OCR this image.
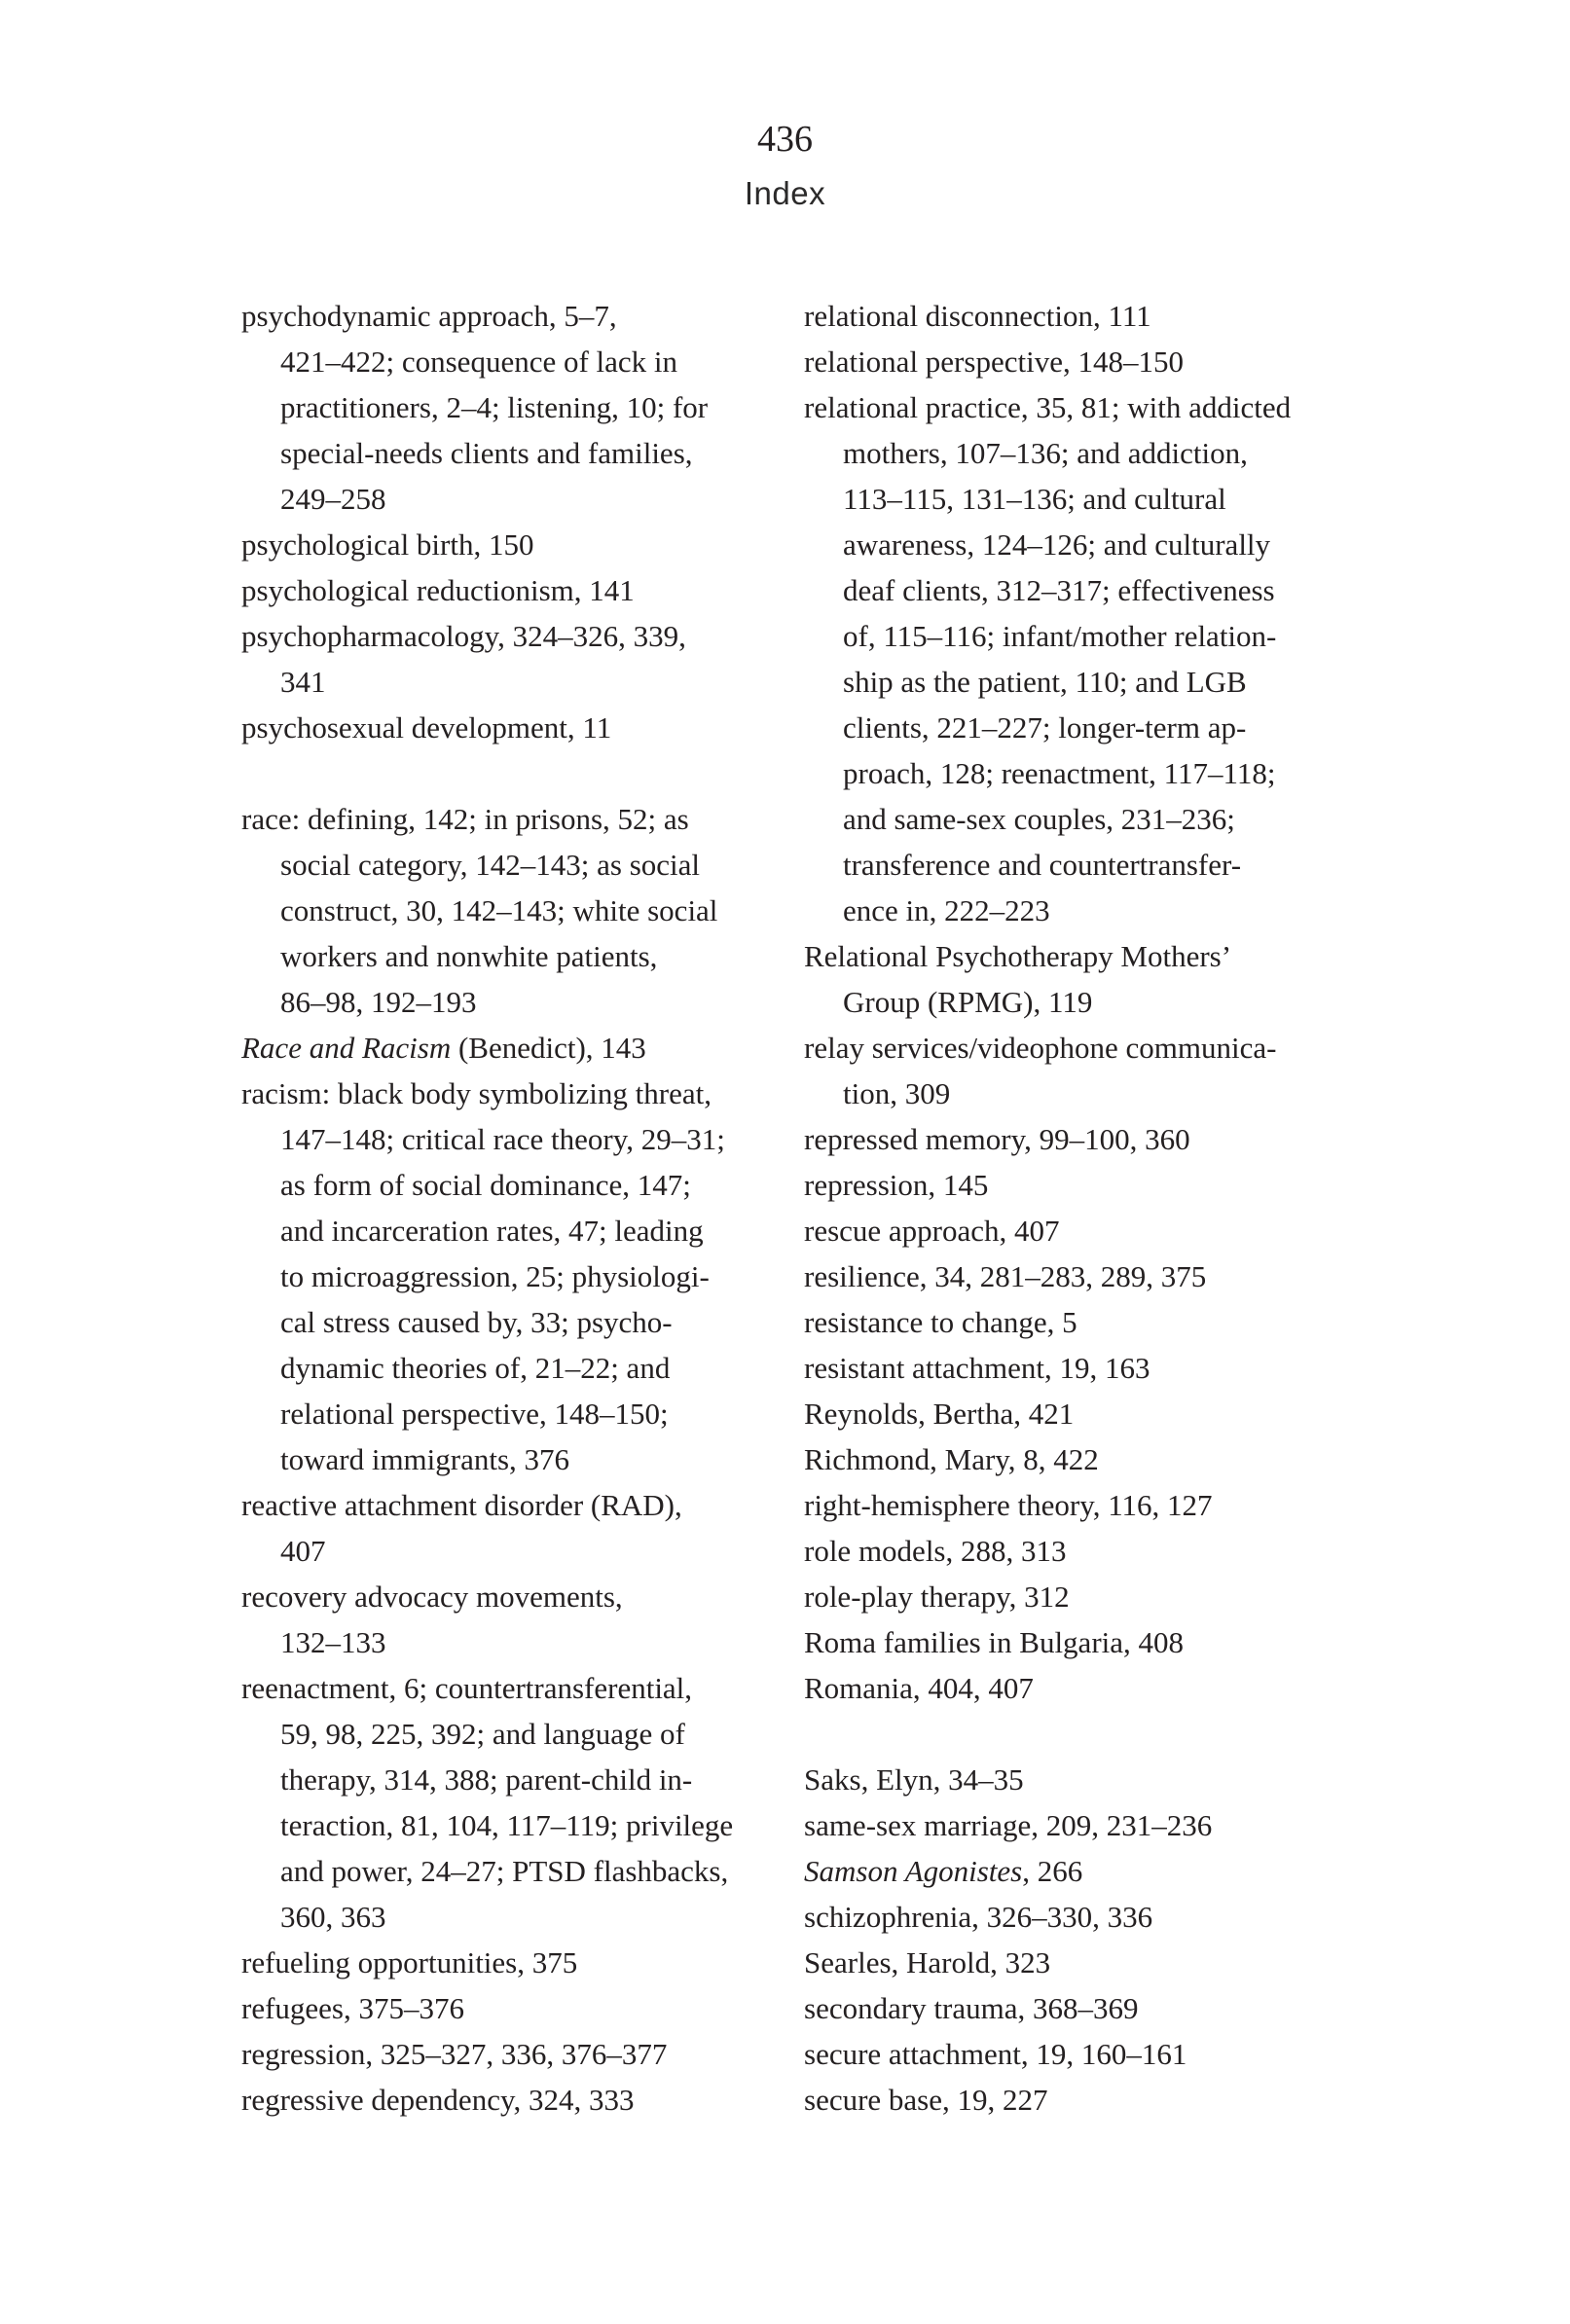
436
Index
psychodynamic approach, 5–7,
421–422; consequence of lack in
practitioners, 2–4; listening, 10; for
special-needs clients and families,
249–258
psychological birth, 150
psychological reductionism, 141
psychopharmacology, 324–326, 339,
341
psychosexual development, 11
race: defining, 142; in prisons, 52; as
social category, 142–143; as social
construct, 30, 142–143; white social
workers and nonwhite patients,
86–98, 192–193
Race and Racism (Benedict), 143
racism: black body symbolizing threat,
147–148; critical race theory, 29–31;
as form of social dominance, 147;
and incarceration rates, 47; leading
to microaggression, 25; physiologi-
cal stress caused by, 33; psycho-
dynamic theories of, 21–22; and
relational perspective, 148–150;
toward immigrants, 376
reactive attachment disorder (RAD),
407
recovery advocacy movements,
132–133
reenactment, 6; countertransferential,
59, 98, 225, 392; and language of
therapy, 314, 388; parent-child in-
teraction, 81, 104, 117–119; privilege
and power, 24–27; PTSD flashbacks,
360, 363
refueling opportunities, 375
refugees, 375–376
regression, 325–327, 336, 376–377
regressive dependency, 324, 333
relational disconnection, 111
relational perspective, 148–150
relational practice, 35, 81; with addicted
mothers, 107–136; and addiction,
113–115, 131–136; and cultural
awareness, 124–126; and culturally
deaf clients, 312–317; effectiveness
of, 115–116; infant/mother relation-
ship as the patient, 110; and LGB
clients, 221–227; longer-term ap-
proach, 128; reenactment, 117–118;
and same-sex couples, 231–236;
transference and countertransfer-
ence in, 222–223
Relational Psychotherapy Mothers’
Group (RPMG), 119
relay services/videophone communica-
tion, 309
repressed memory, 99–100, 360
repression, 145
rescue approach, 407
resilience, 34, 281–283, 289, 375
resistance to change, 5
resistant attachment, 19, 163
Reynolds, Bertha, 421
Richmond, Mary, 8, 422
right-hemisphere theory, 116, 127
role models, 288, 313
role-play therapy, 312
Roma families in Bulgaria, 408
Romania, 404, 407
Saks, Elyn, 34–35
same-sex marriage, 209, 231–236
Samson Agonistes, 266
schizophrenia, 326–330, 336
Searles, Harold, 323
secondary trauma, 368–369
secure attachment, 19, 160–161
secure base, 19, 227
